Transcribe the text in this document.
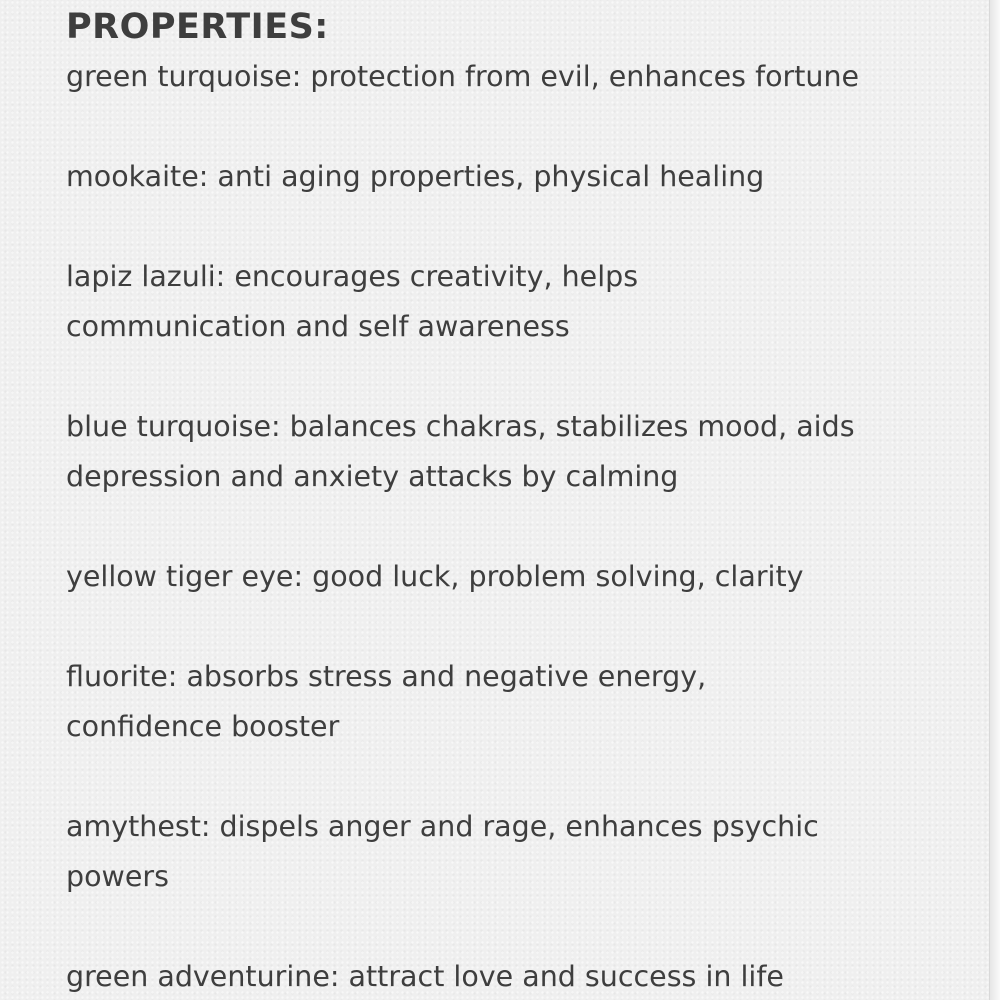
PROPERTIES:
green turquoise: protection from evil, enhances fortune
mookaite: anti aging properties, physical healing
lapiz lazuli: encourages creativity, helps
communication and self awareness
blue turquoise: balances chakras, stabilizes mood, aids
depression and anxiety attacks by calming
yellow tiger eye: good luck, problem solving, clarity
fluorite: absorbs stress and negative energy,
confidence booster
amythest: dispels anger and rage, enhances psychic
powers
green adventurine: attract love and success in life
